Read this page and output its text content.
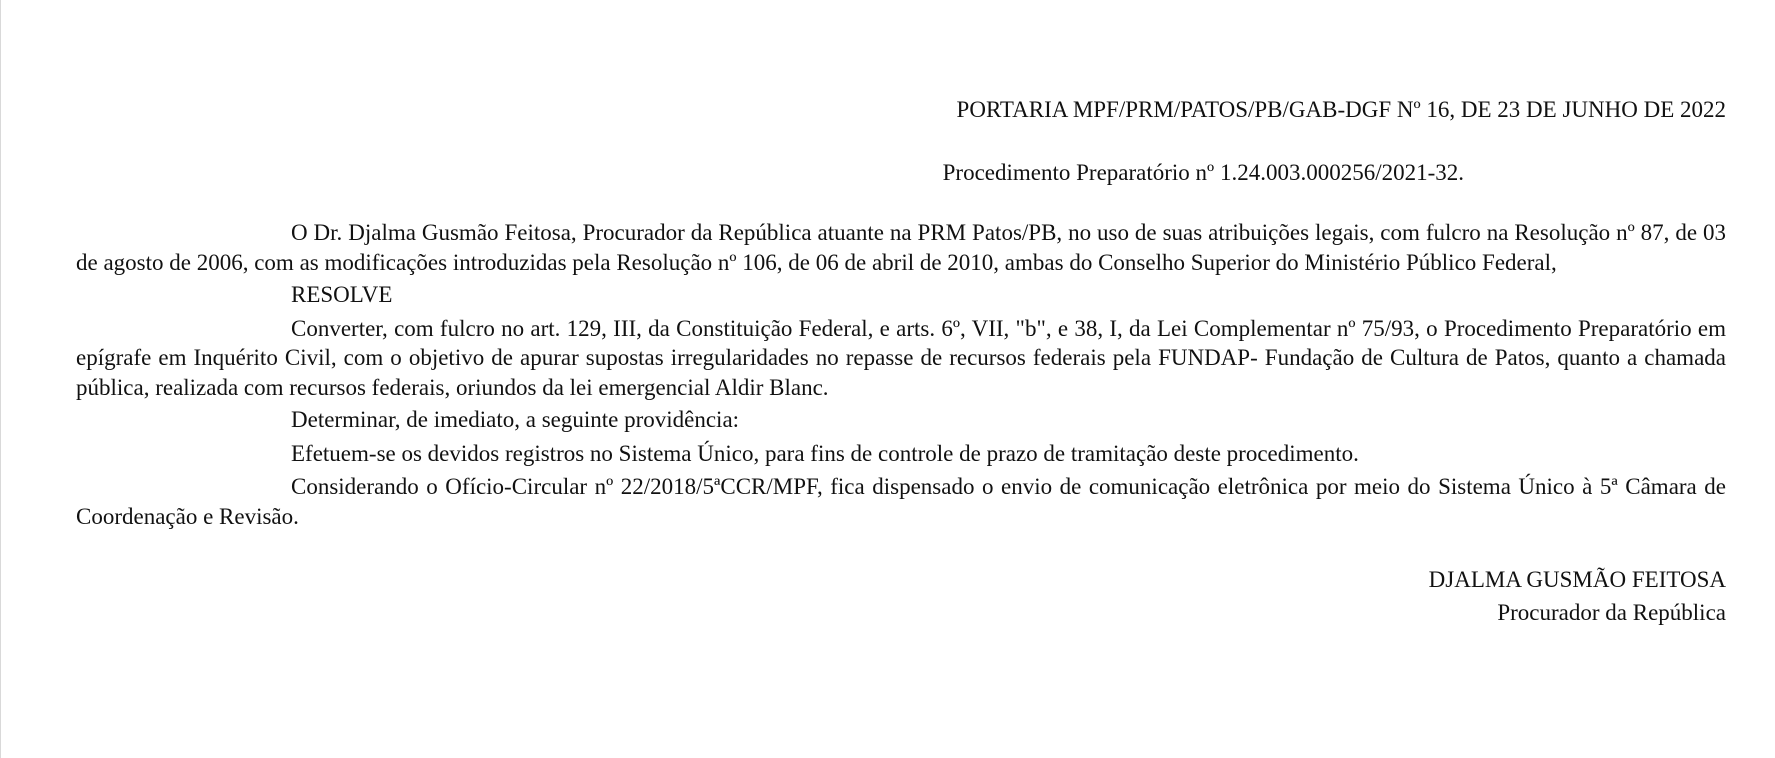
PORTARIA MPF/PRM/PATOS/PB/GAB-DGF Nº 16, DE 23 DE JUNHO DE 2022

Procedimento Preparatório nº 1.24.003.000256/2021-32.

O Dr. Djalma Gusmão Feitosa, Procurador da República atuante na PRM Patos/PB, no uso de suas atribuições legais, com fulcro na Resolução nº 87, de 03 de agosto de 2006, com as modificações introduzidas pela Resolução nº 106, de 06 de abril de 2010, ambas do Conselho Superior do Ministério Público Federal,

RESOLVE

Converter, com fulcro no art. 129, III, da Constituição Federal, e arts. 6º, VII, "b", e 38, I, da Lei Complementar nº 75/93, o Procedimento Preparatório em epígrafe em Inquérito Civil, com o objetivo de apurar supostas irregularidades no repasse de recursos federais pela FUNDAP- Fundação de Cultura de Patos, quanto a chamada pública, realizada com recursos federais, oriundos da lei emergencial Aldir Blanc.

Determinar, de imediato, a seguinte providência:

Efetuem-se os devidos registros no Sistema Único, para fins de controle de prazo de tramitação deste procedimento.

Considerando o Ofício-Circular nº 22/2018/5ªCCR/MPF, fica dispensado o envio de comunicação eletrônica por meio do Sistema Único à 5ª Câmara de Coordenação e Revisão.

DJALMA GUSMÃO FEITOSA
Procurador da República
